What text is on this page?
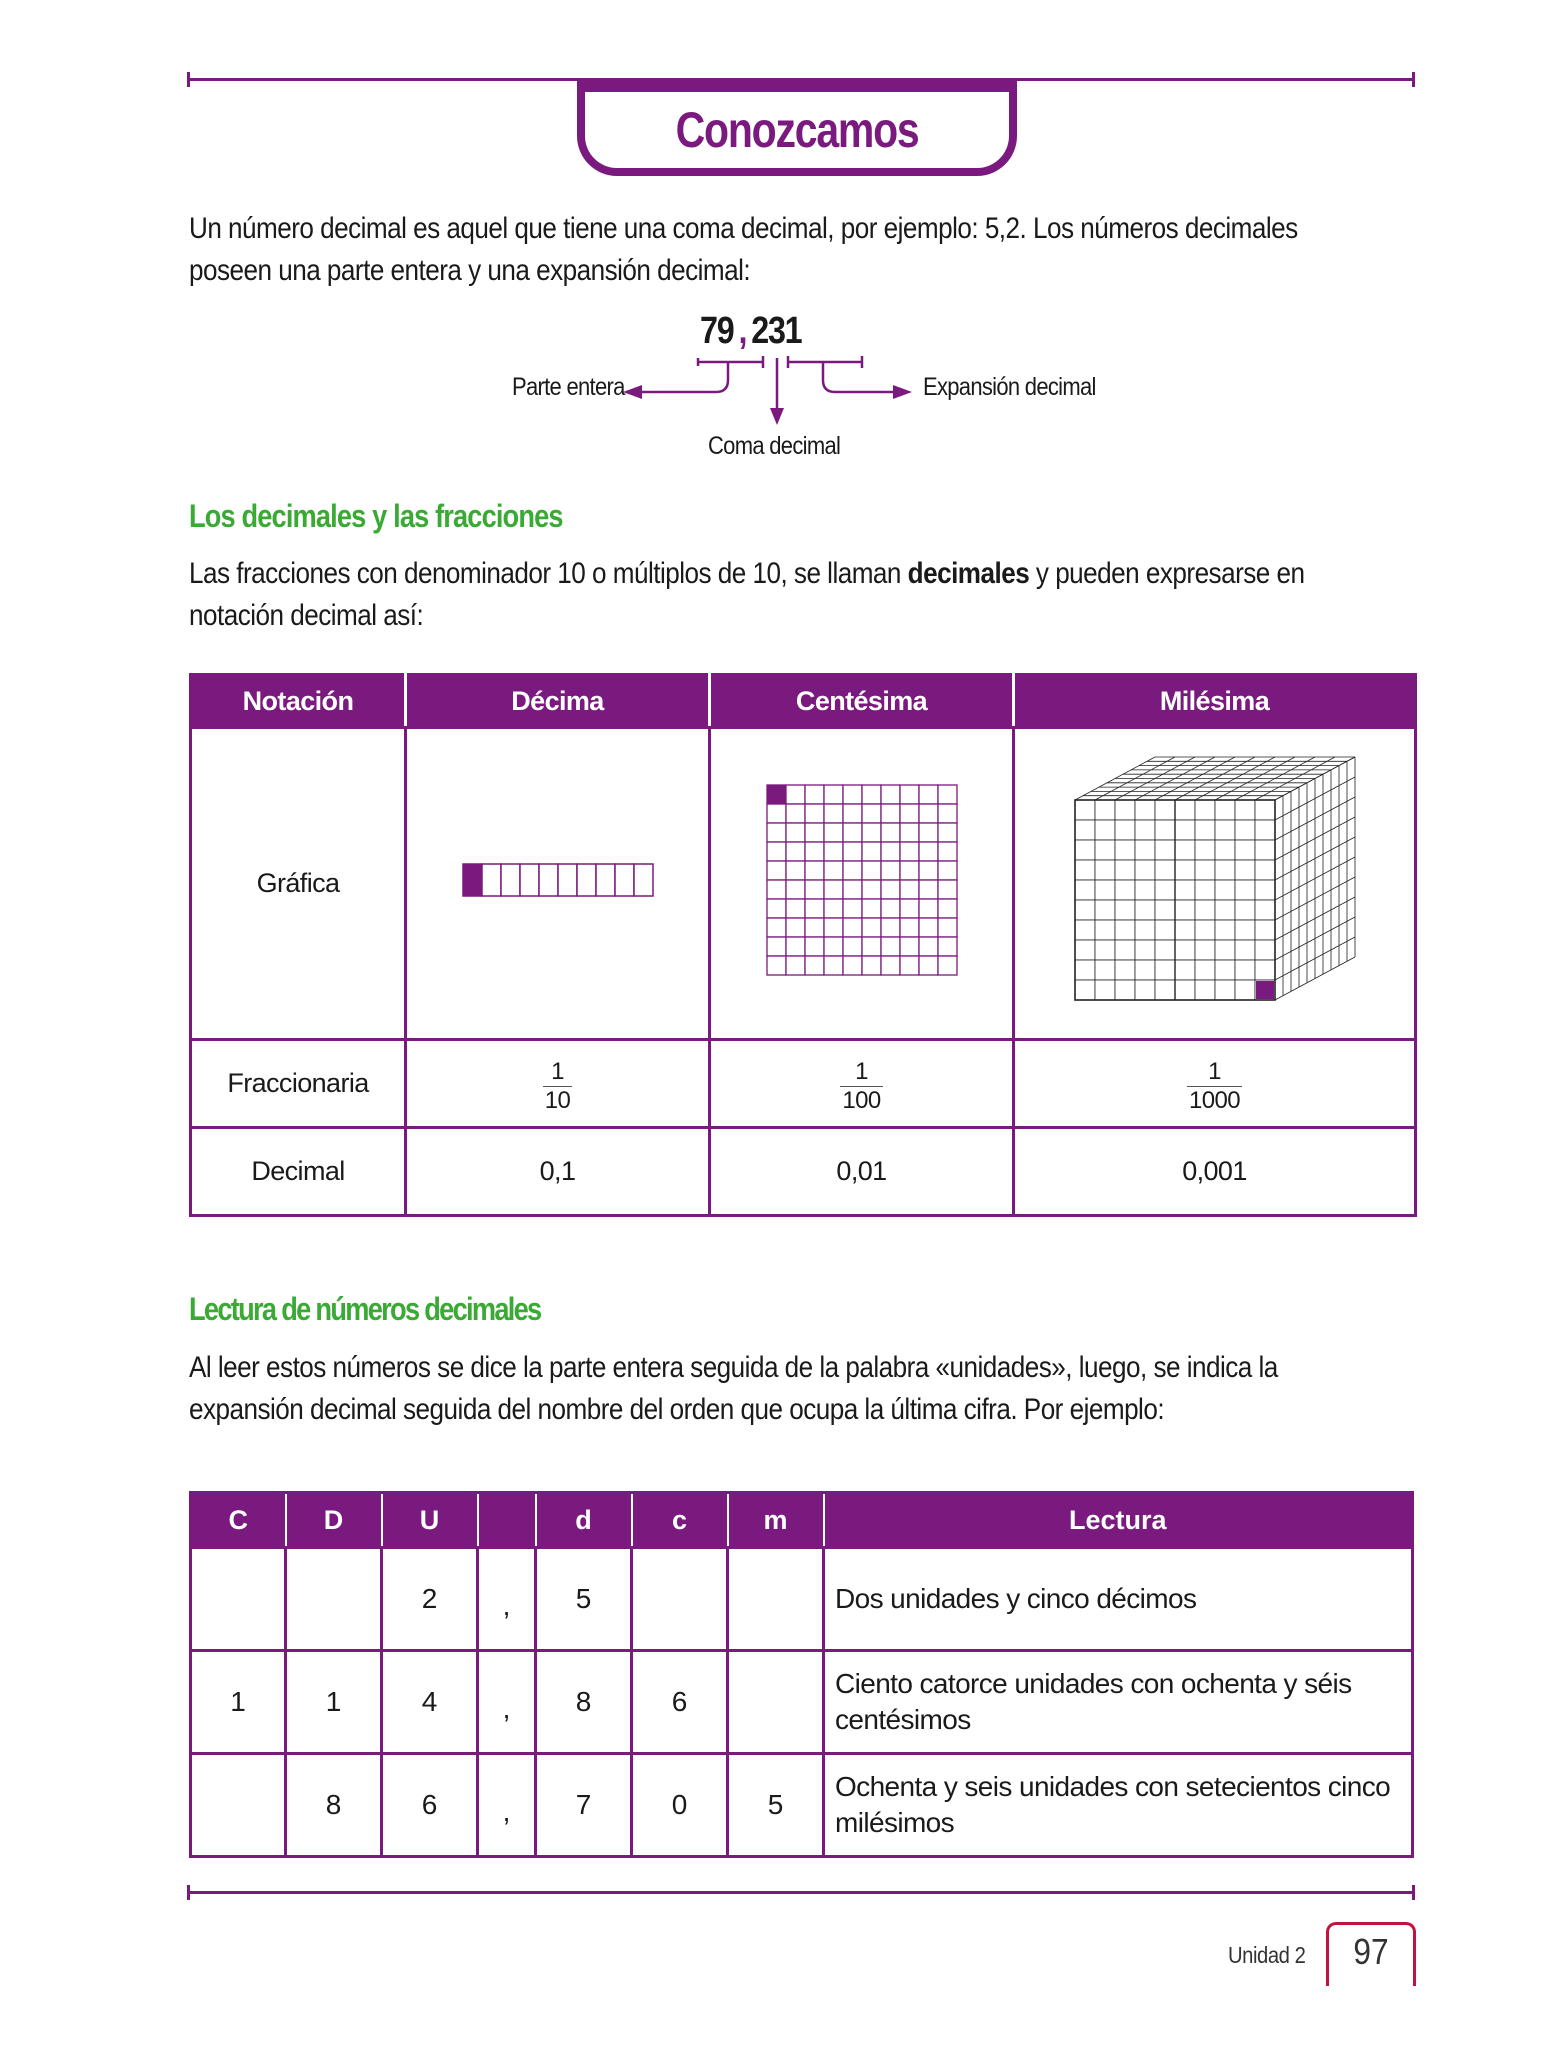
Conozcamos
Un número decimal es aquel que tiene una coma decimal, por ejemplo: 5,2. Los números decimales
poseen una parte entera y una expansión decimal:
79 , 231
Parte entera
Coma decimal
Expansión decimal
Los decimales y las fracciones
Las fracciones con denominador 10 o múltiplos de 10, se llaman decimales y pueden expresarse en
notación decimal así:
Notación	Décima	Centésima	Milésima
Gráfica			
Fraccionaria	$\frac{1}{10}$	$\frac{1}{100}$	$\frac{1}{1000}$

Decimal	0,1	0,01	0,001
Lectura de números decimales
Al leer estos números se dice la parte entera seguida de la palabra «unidades», luego, se indica la
expansión decimal seguida del nombre del orden que ocupa la última cifra. Por ejemplo:
C	D	U		d	c	m	Lectura
		2	,	5			Dos unidades y cinco décimos
1	1	4	,	8	6		Ciento catorce unidades con ochenta y séis centésimos
	8	6	,	7	0	5	Ochenta y seis unidades con setecientos cinco milésimos
Unidad 2 97
